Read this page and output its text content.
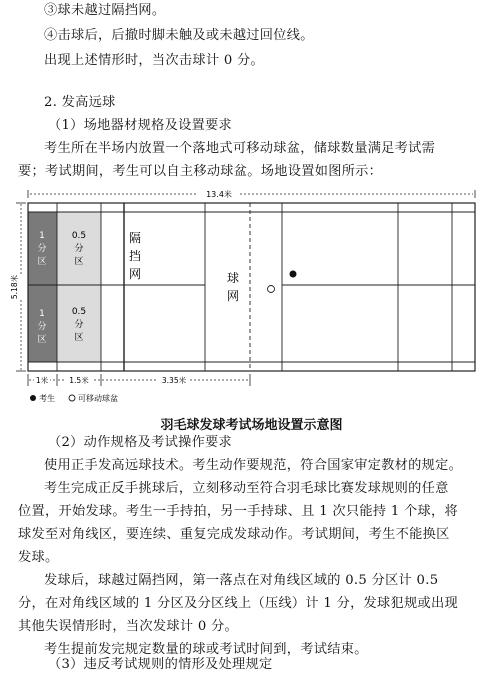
③球未越过隔挡网。
④击球后，后撤时脚未触及或未越过回位线。
出现上述情形时，当次击球计 0 分。
2. 发高远球
（1）场地器材规格及设置要求
考生所在半场内放置一个落地式可移动球盆，储球数量满足考试需
要；考试期间，考生可以自主移动球盆。场地设置如图所示：
13.4米
1
分
区
1
分
区
0.5
分
区
0.5
分
区
隔
挡
网	球
网
5.18米
1米	1.5米	3.35米
考生	可移动球盆
羽毛球发球考试场地设置示意图
（2）动作规格及考试操作要求
使用正手发高远球技术。考生动作要规范，符合国家审定教材的规定。
考生完成正反手挑球后，立刻移动至符合羽毛球比赛发球规则的任意
位置，开始发球。考生一手持拍，另一手持球、且 1 次只能持 1 个球，将
球发至对角线区，要连续、重复完成发球动作。考试期间，考生不能换区
发球。
发球后，球越过隔挡网，第一落点在对角线区域的 0.5 分区计 0.5
分，在对角线区域的 1 分区及分区线上（压线）计 1 分，发球犯规或出现
其他失误情形时，当次发球计 0 分。
考生提前发完规定数量的球或考试时间到，考试结束。
（3）违反考试规则的情形及处理规定
